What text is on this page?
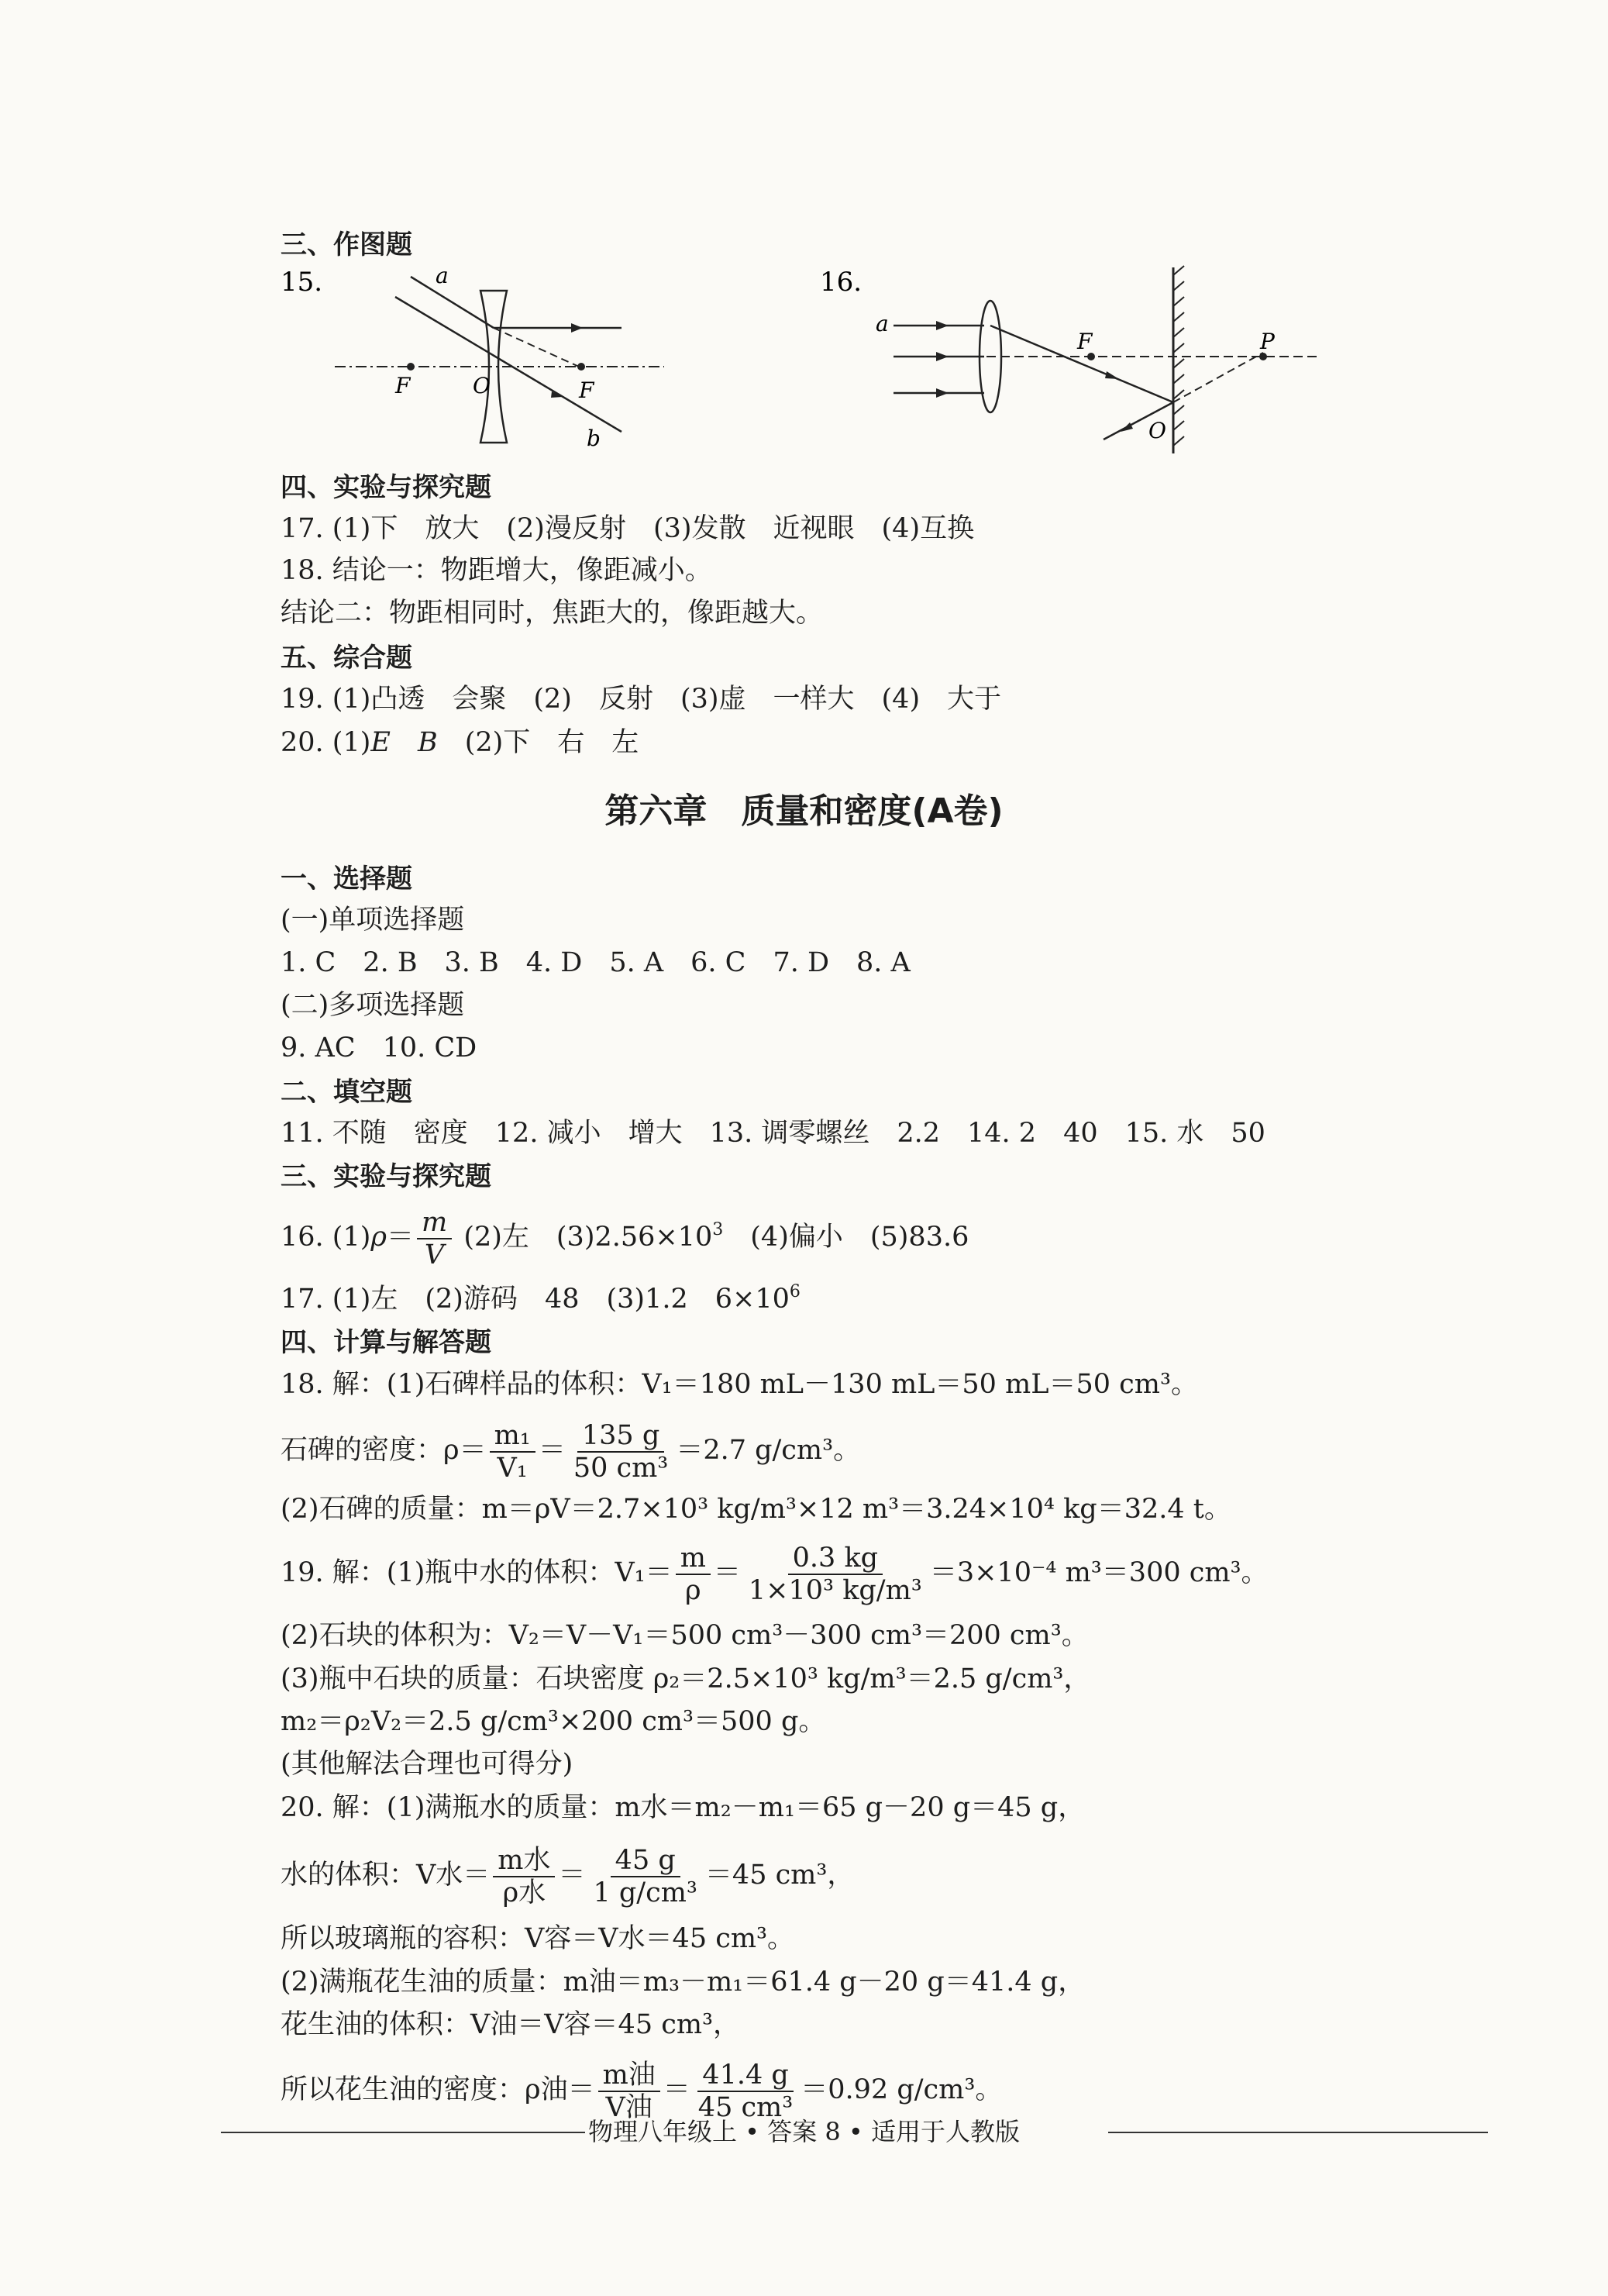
三、作图题
15.	a
b
F	F
O
16.
a
F	P
O
四、实验与探究题
17. (1)下　放大　(2)漫反射　(3)发散　近视眼　(4)互换
18. 结论一：物距增大，像距减小。
结论二：物距相同时，焦距大的，像距越大。
五、综合题
19. (1)凸透　会聚　(2)　反射　(3)虚　一样大　(4)　大于
20. (1)E　 B　 (2)下　右　左
第六章　质量和密度(A卷)
一、选择题
(一)单项选择题
1. C　2. B　3. B　4. D　5. A　6. C　7. D　8. A
(二)多项选择题
9. AC　10. CD
二、填空题
11. 不随　密度　12. 减小　增大　13. 调零螺丝　2.2　14. 2　40　15. 水　50
三、实验与探究题
16. $(1)\rho= \frac{m}{V} (2)$左　$(3)2.56\times 10^3$　 (4)偏小　(5)83.6
17. (1)左　(2)游码　48　(3)1.2　$6\times 10^6$
四、计算与解答题
18. 解：(1)石碑样品的体积：V₁＝180 mL－130 mL＝50 mL＝50 cm³。
石碑的密度：$\rho= \frac{\text{m₁}}{\text{V₁}} = \frac{135 g}{\text{50 cm³}} =2.7$ g/cm³。
(2)石碑的质量：m＝ρV＝2.7×10³ kg/m³×12 m³＝3.24×10⁴ kg＝32.4 t。
19. 解：(1)瓶中水的体积：$V_1= \frac{m}{\rho} = \frac{0.3 kg}{\text{1×10³ kg/m³}} =3\times 10^{-4}$ m³＝300 cm³。
(2)石块的体积为：V₂＝V－V₁＝500 cm³－300 cm³＝200 cm³。
(3)瓶中石块的质量：石块密度 ρ₂＝2.5×10³ kg/m³＝2.5 g/cm³，
m₂＝ρ₂V₂＝2.5 g/cm³×200 cm³＝500 g。
(其他解法合理也可得分)
20. 解：(1)满瓶水的质量：m水＝m₂－m₁＝65 g－20 g＝45 g，
水的体积：V水＝ $\frac{\text{m水}}{\text{ρ水}} = \frac{45 g}{\text{1 g/cm³}} =45$ cm³，
所以玻璃瓶的容积：V容＝V水＝45 cm³。
(2)满瓶花生油的质量：m油＝m₃－m₁＝61.4 g－20 g＝41.4 g，
花生油的体积：V油＝V容＝45 cm³，
所以花生油的密度：ρ油＝ $\frac{\text{m油}}{\text{V油}} = \frac{41.4 g}{\text{45 cm³}} =0.92$ g/cm³。
物理八年级上 • 答案 8 • 适用于人教版
